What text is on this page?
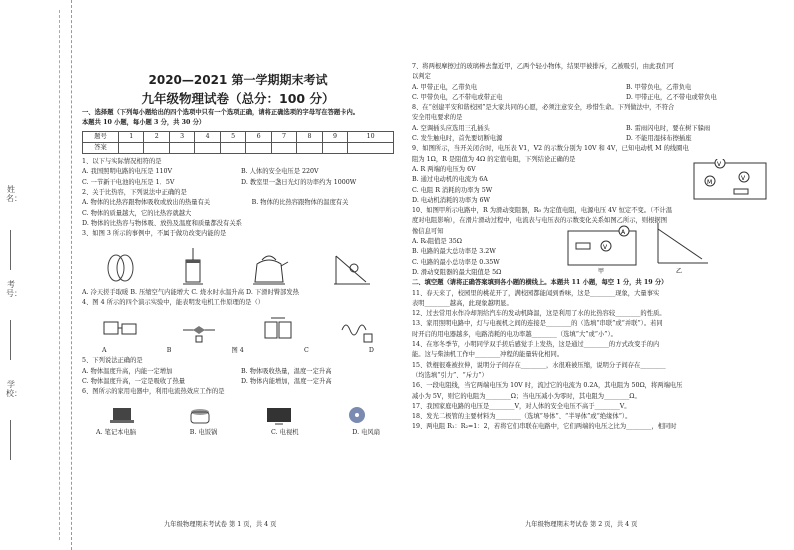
姓名：
考号：
学校：
2020—2021 第一学期期末考试
九年级物理试卷（总分：100 分）
一、选择题（下列每小题给出的四个选项中只有一个选项正确，请将正确选项的字母写在答题卡内。
本题共 10 小题，每小题 3 分，共 30 分）
题号	1	2	3	4	5	6	7	8	9	10
答案										
1、以下与实际情况相符的是
A. 我国照明电路的电压是 110V	B. 人体的安全电压是 220V
C. 一节新干电池的电压是 1．5V	D. 教室里一盏日光灯的功率约为 1000W
2、关于比热容，下列说法中正确的是
A. 物体的比热容跟物体吸收或放出的热量有关	B. 物体的比热容跟物体的温度有关
C. 物体的质量越大，它的比热容就越大
D. 物体的比热容与物体吸、放热及温度和质量都没有关系
3、如图 3 所示的事例中，不属于做功改变内能的是
A. 冷天搓手取暖 B. 压缩空气内能增大 C. 烧水时水温升高 D. 下滑时臀部发热
4、图 4 所示的四个演示实验中，能表明发电机工作原理的是（）
A	B	图 4	C	D
5、下列说法正确的是
A. 物体温度升高，内能一定增加	B. 物体吸收热量，温度一定升高
C. 物体温度升高，一定是吸收了热量	D. 物体内能增加，温度一定升高
6、图所示的家用电器中，利用电流热效应工作的是
A. 笔记本电脑	B. 电饭锅	C. 电视机	D. 电风扇
九年级物理期末考试卷 第 1 页，共 4 页
7、将两根摩擦过的玻璃棒去靠近甲，乙两个轻小物体，结果甲被排斥，乙被吸引，由此我们可
以判定
A. 甲带正电，乙带负电	B. 甲带负电，乙带负电
C. 甲带负电，乙不带电或带正电	D. 甲带正电，乙不带电或带负电
8、在“创建平安和谐校园”是大家共同的心愿，必须注意安全，珍惜生命。下列做法中，不符合
安全用电要求的是
A. 空调插头应选用三孔插头	B. 雷雨闪电时，要在树下躲雨
C. 发生触电时，首先要切断电源	D. 不能用湿抹布擦插座
9、如图所示，当开关闭合时，电压表 V1，V2 的示数分别为 10V 和 4V，已知电动机 M 的线圈电
阻为 1Ω，R 是阻值为 4Ω 的定值电阻，下列结论正确的是
A. R 两端的电压为 6V
B. 通过电动机的电流为 6A
C. 电阻 R 消耗的功率为 5W
D. 电动机消耗的功率为 6W
V
M
V
10、如图甲所示电路中，R 为滑动变阻器，R₀ 为定值电阻，电源电压 4V 恒定不变。（不计温
度对电阻影响），在滑片滑动过程中，电流表与电压表的示数变化关系如图乙所示，则根据图
像信息可知
A. R₀阻值是 35Ω
B. 电路的最大总功率是 3.2W
C. 电路的最小总功率是 0.35W
D. 滑动变阻器的最大阻值是 5Ω
V
A
甲	乙
二、填空题（请将正确答案填到各小题的横线上。本题共 11 小题，每空 1 分，共 19 分）
11、春天来了，校园里的桃花开了，满校园都能闻到香味，这是________现象，大量事实
表明________越高，此现象越明显。
12、过去常用水作冷却剂给汽车的发动机降温，这是利用了水的比热容较________的性质。
13、家用照明电路中，灯与电视机之间的连接是________的（选填“串联”或“并联”）。若同
时开启的用电器越多，电路消耗的电功率越________（选填“大”或“小”）。
14、在寒冬季节，小明同学双手搓后感觉手上发热，这是通过________的方式改变手的内
能。这与柴油机工作中________冲程的能量转化相同。
15、铁棍很难被拉伸，说明分子间存在________，水很难被压缩，说明分子间存在________
（均选填“引力”、“斥力”）
16、一段电阻线，当它两端电压为 10V 时，流过它的电流为 0.2A，其电阻为 50Ω，将两端电压
减小为 5V，则它的电阻为________Ω；当电压减小为零时，其电阻为________Ω。
17、我国家庭电路的电压是________V，对人体的安全电压不高于________V。
18、发光二极管的主要材料为________（选填“导体”、“半导体”或“绝缘体”）。
19、两电阻 R₁：R₂=1：2，若将它们串联在电路中，它们两端的电压之比为________，相同时
九年级物理期末考试卷 第 2 页，共 4 页
